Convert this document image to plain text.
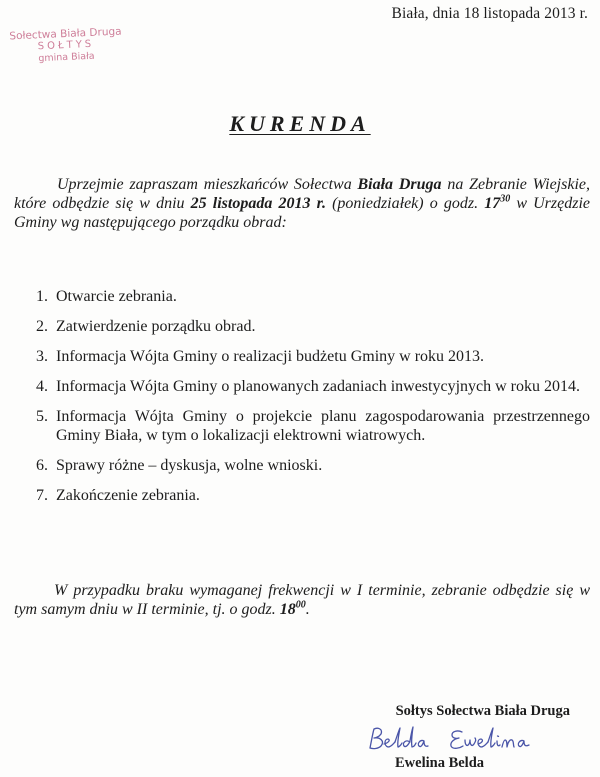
Biała, dnia 18 listopada 2013 r.
Sołectwa Biała Druga
SOŁTYS
gmina Biała
KURENDA
Uprzejmie zapraszam mieszkańców Sołectwa Biała Druga na Zebranie Wiejskie, które odbędzie się w dniu 25 listopada 2013 r. (poniedziałek) o godz. $17^{30}$ w Urzędzie Gminy wg następującego porządku obrad:
1. Otwarcie zebrania.
2. Zatwierdzenie porządku obrad.
3. Informacja Wójta Gminy o realizacji budżetu Gminy w roku 2013.
4. Informacja Wójta Gminy o planowanych zadaniach inwestycyjnych w roku 2014.
5. Informacja Wójta Gminy o projekcie planu zagospodarowania przestrzennego Gminy Biała, w tym o lokalizacji elektrowni wiatrowych.
6. Sprawy różne – dyskusja, wolne wnioski.
7. Zakończenie zebrania.
W przypadku braku wymaganej frekwencji w I terminie, zebranie odbędzie się w tym samym dniu w II terminie, tj. o godz. $18^{00}$.
Sołtys Sołectwa Biała Druga
Ewelina Belda
